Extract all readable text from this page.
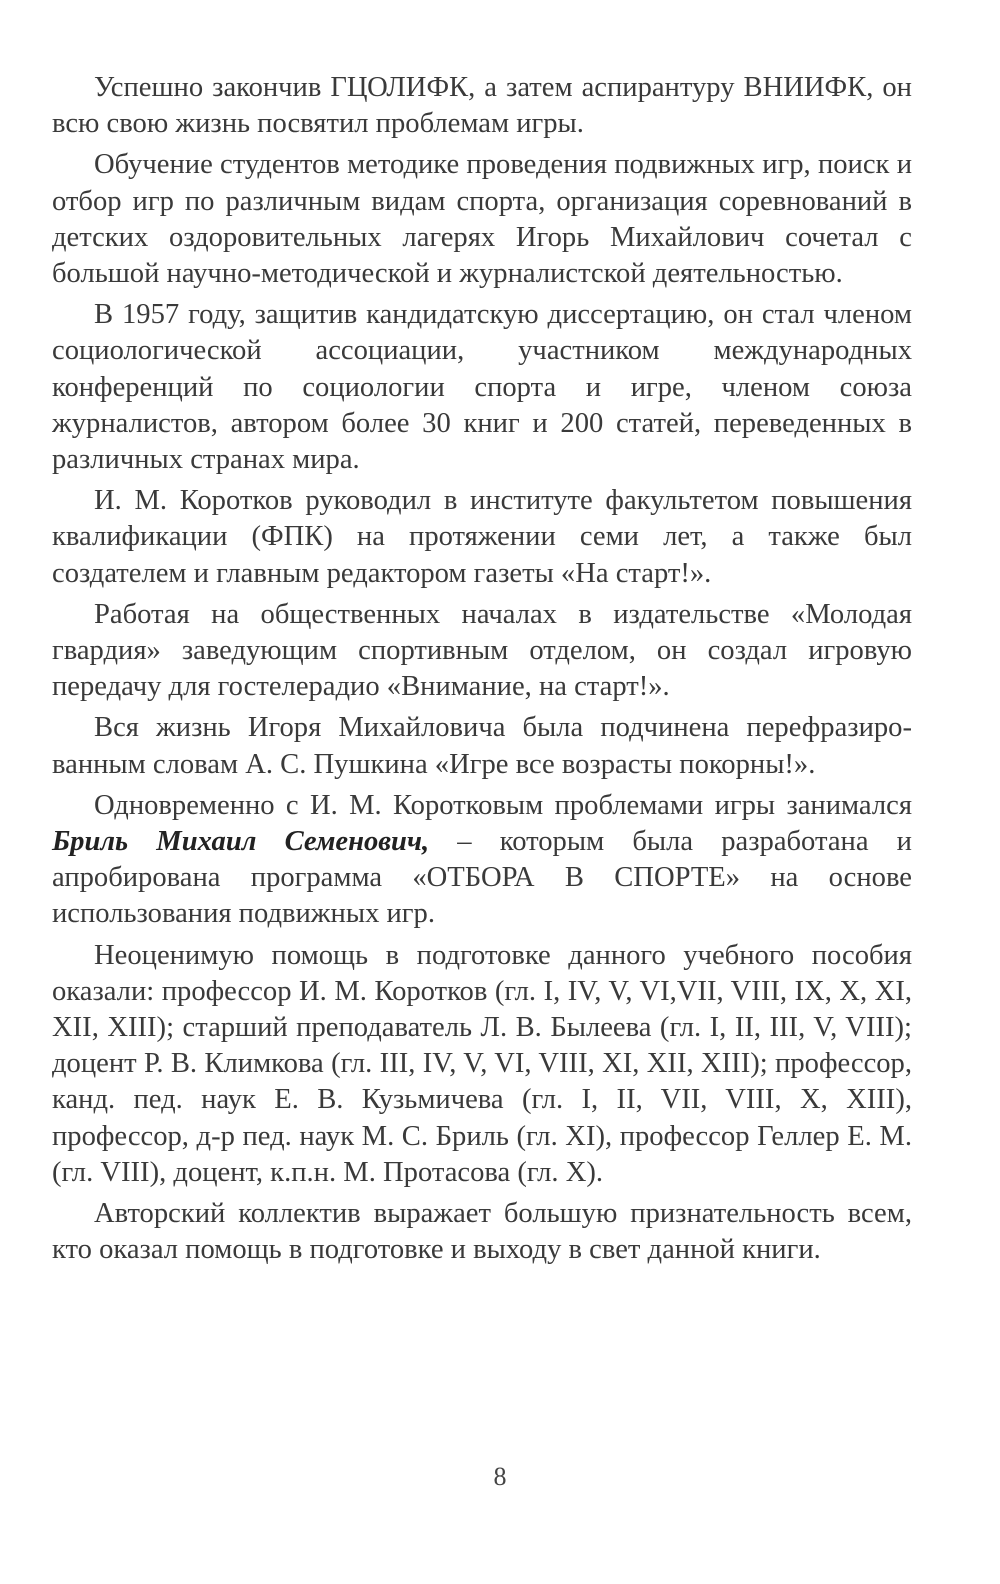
Успешно закончив ГЦОЛИФК, а затем аспирантуру ВНИИФК, он всю свою жизнь посвятил проблемам игры.

Обучение студентов методике проведения подвижных игр, поиск и отбор игр по различным видам спорта, организация соревнований в детских оздоровительных лагерях Игорь Михайлович сочетал с большой научно-методической и журналистской деятельностью.

В 1957 году, защитив кандидатскую диссертацию, он стал членом социологической ассоциации, участником международных конференций по социологии спорта и игре, членом союза журналистов, автором более 30 книг и 200 статей, переведенных в различных странах мира.

И. М. Коротков руководил в институте факультетом повышения квалификации (ФПК) на протяжении семи лет, а также был создателем и главным редактором газеты «На старт!».

Работая на общественных началах в издательстве «Молодая гвардия» заведующим спортивным отделом, он создал игровую передачу для гостелерадио «Внимание, на старт!».

Вся жизнь Игоря Михайловича была подчинена перефразированным словам А. С. Пушкина «Игре все возрасты покорны!».

Одновременно с И. М. Коротковым проблемами игры занимался Бриль Михаил Семенович, – которым была разработана и апробирована программа «ОТБОРА В СПОРТЕ» на основе использования подвижных игр.

Неоценимую помощь в подготовке данного учебного пособия оказали: профессор И. М. Коротков (гл. I, IV, V, VI,VII, VIII, IX, X, XI, XII, XIII); старший преподаватель Л. В. Былеева (гл. I, II, III, V, VIII); доцент Р. В. Климкова (гл. III, IV, V, VI, VIII, XI, XII, XIII); профессор, канд. пед. наук Е. В. Кузьмичева (гл. I, II, VII, VIII, X, XIII), профессор, д-р пед. наук М. С. Бриль (гл. XI), профессор Геллер Е. М. (гл. VIII), доцент, к.п.н. М. Протасова (гл. X).

Авторский коллектив выражает большую признательность всем, кто оказал помощь в подготовке и выходу в свет данной книги.

8
